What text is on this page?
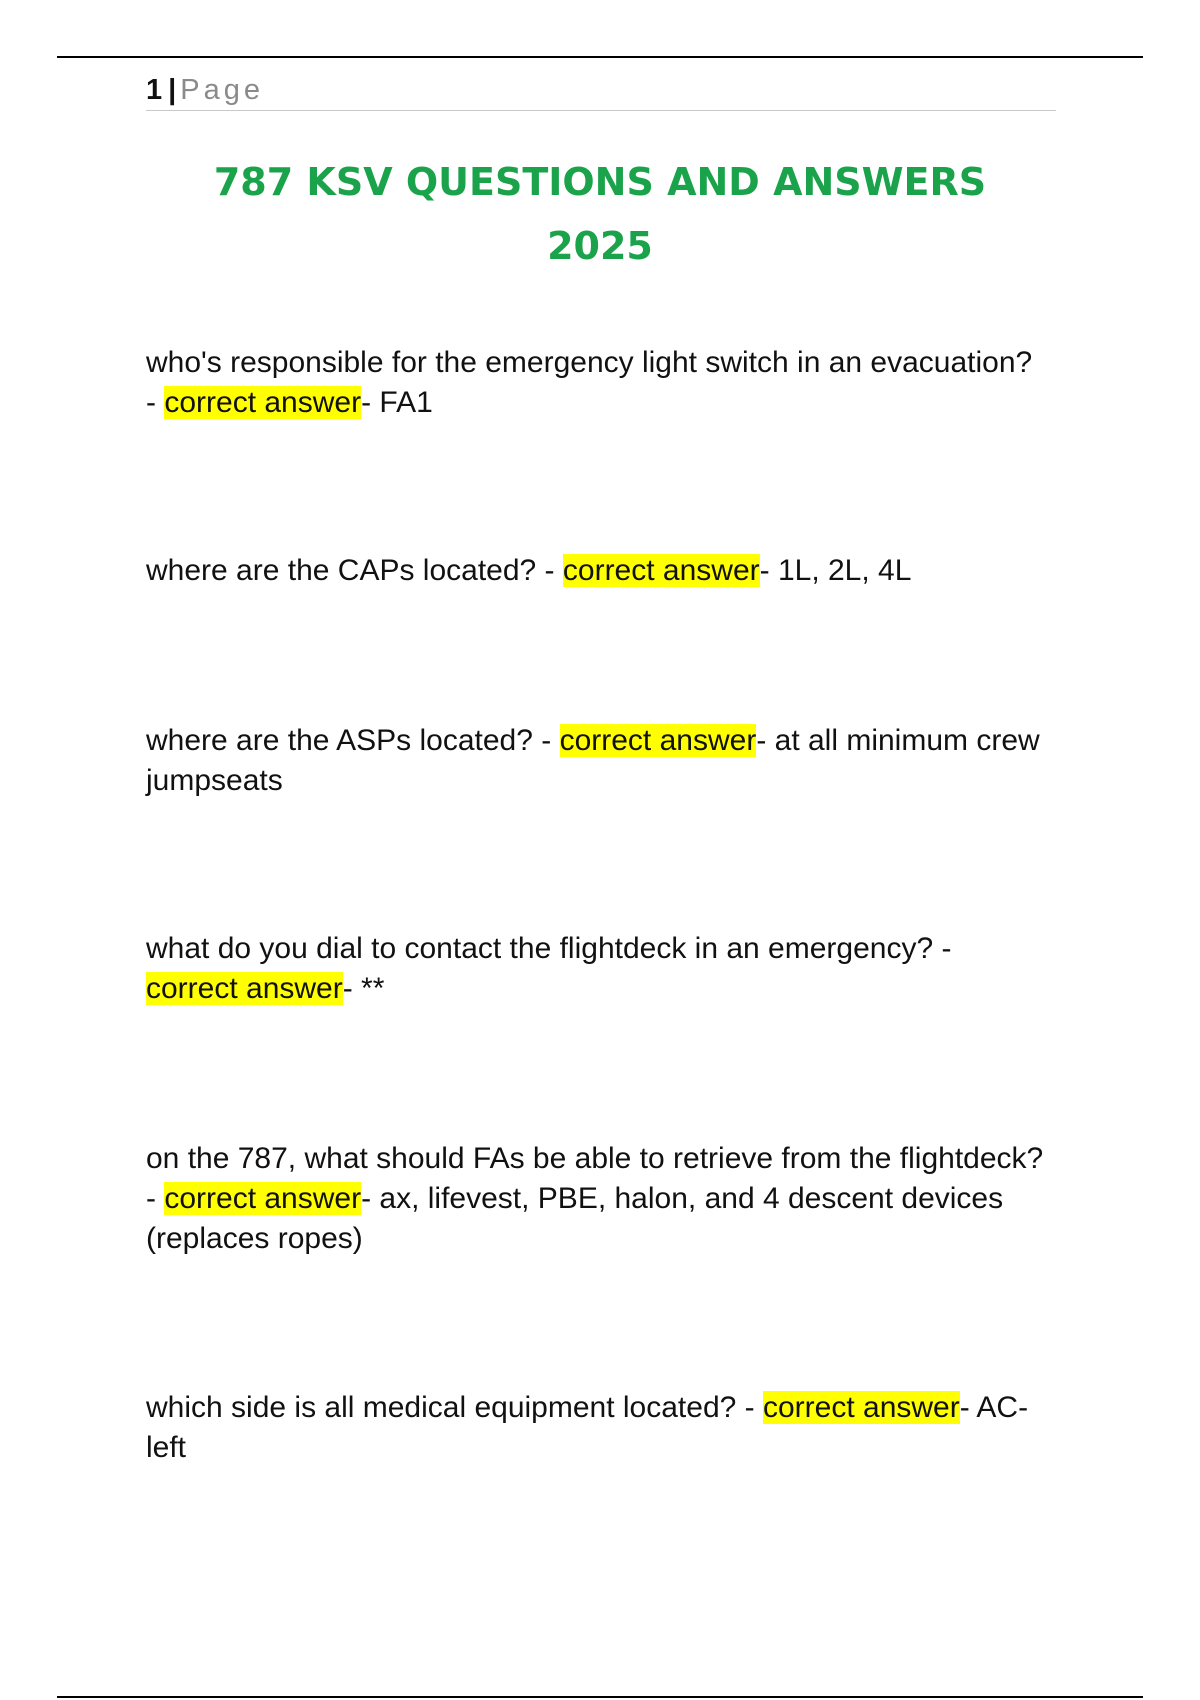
1 | Page
787 KSV QUESTIONS AND ANSWERS
2025
who's responsible for the emergency light switch in an evacuation? - correct answer- FA1
where are the CAPs located? - correct answer- 1L, 2L, 4L
where are the ASPs located? - correct answer- at all minimum crew jumpseats
what do you dial to contact the flightdeck in an emergency? - correct answer- **
on the 787, what should FAs be able to retrieve from the flightdeck? - correct answer- ax, lifevest, PBE, halon, and 4 descent devices (replaces ropes)
which side is all medical equipment located? - correct answer- AC-left
